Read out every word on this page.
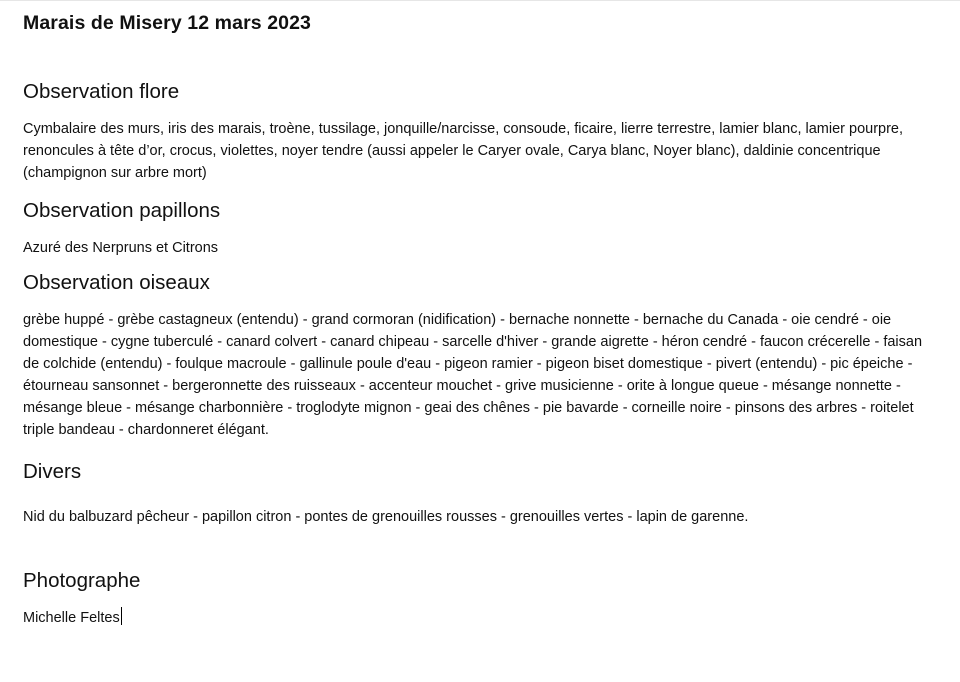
Marais de Misery 12 mars 2023
Observation flore
Cymbalaire des murs, iris des marais, troène, tussilage, jonquille/narcisse, consoude, ficaire, lierre terrestre, lamier blanc, lamier pourpre, renoncules à tête d’or, crocus, violettes, noyer tendre (aussi appeler le Caryer ovale, Carya blanc, Noyer blanc), daldinie concentrique (champignon sur arbre mort)
Observation papillons
Azuré des Nerpruns et Citrons
Observation oiseaux
grèbe huppé - grèbe castagneux (entendu) - grand cormoran (nidification) - bernache nonnette - bernache du Canada - oie cendré - oie domestique - cygne tuberculé - canard colvert - canard chipeau - sarcelle d'hiver - grande aigrette - héron cendré - faucon crécerelle - faisan de colchide (entendu) - foulque macroule - gallinule poule d'eau - pigeon ramier - pigeon biset domestique - pivert (entendu) - pic épeiche - étourneau sansonnet - bergeronnette des ruisseaux - accenteur mouchet - grive musicienne - orite à longue queue - mésange nonnette - mésange bleue - mésange charbonnière - troglodyte mignon - geai des chênes - pie bavarde - corneille noire - pinsons des arbres - roitelet triple bandeau - chardonneret élégant.
Divers
Nid du balbuzard pêcheur - papillon citron - pontes de grenouilles rousses - grenouilles vertes - lapin de garenne.
Photographe
Michelle Feltes
